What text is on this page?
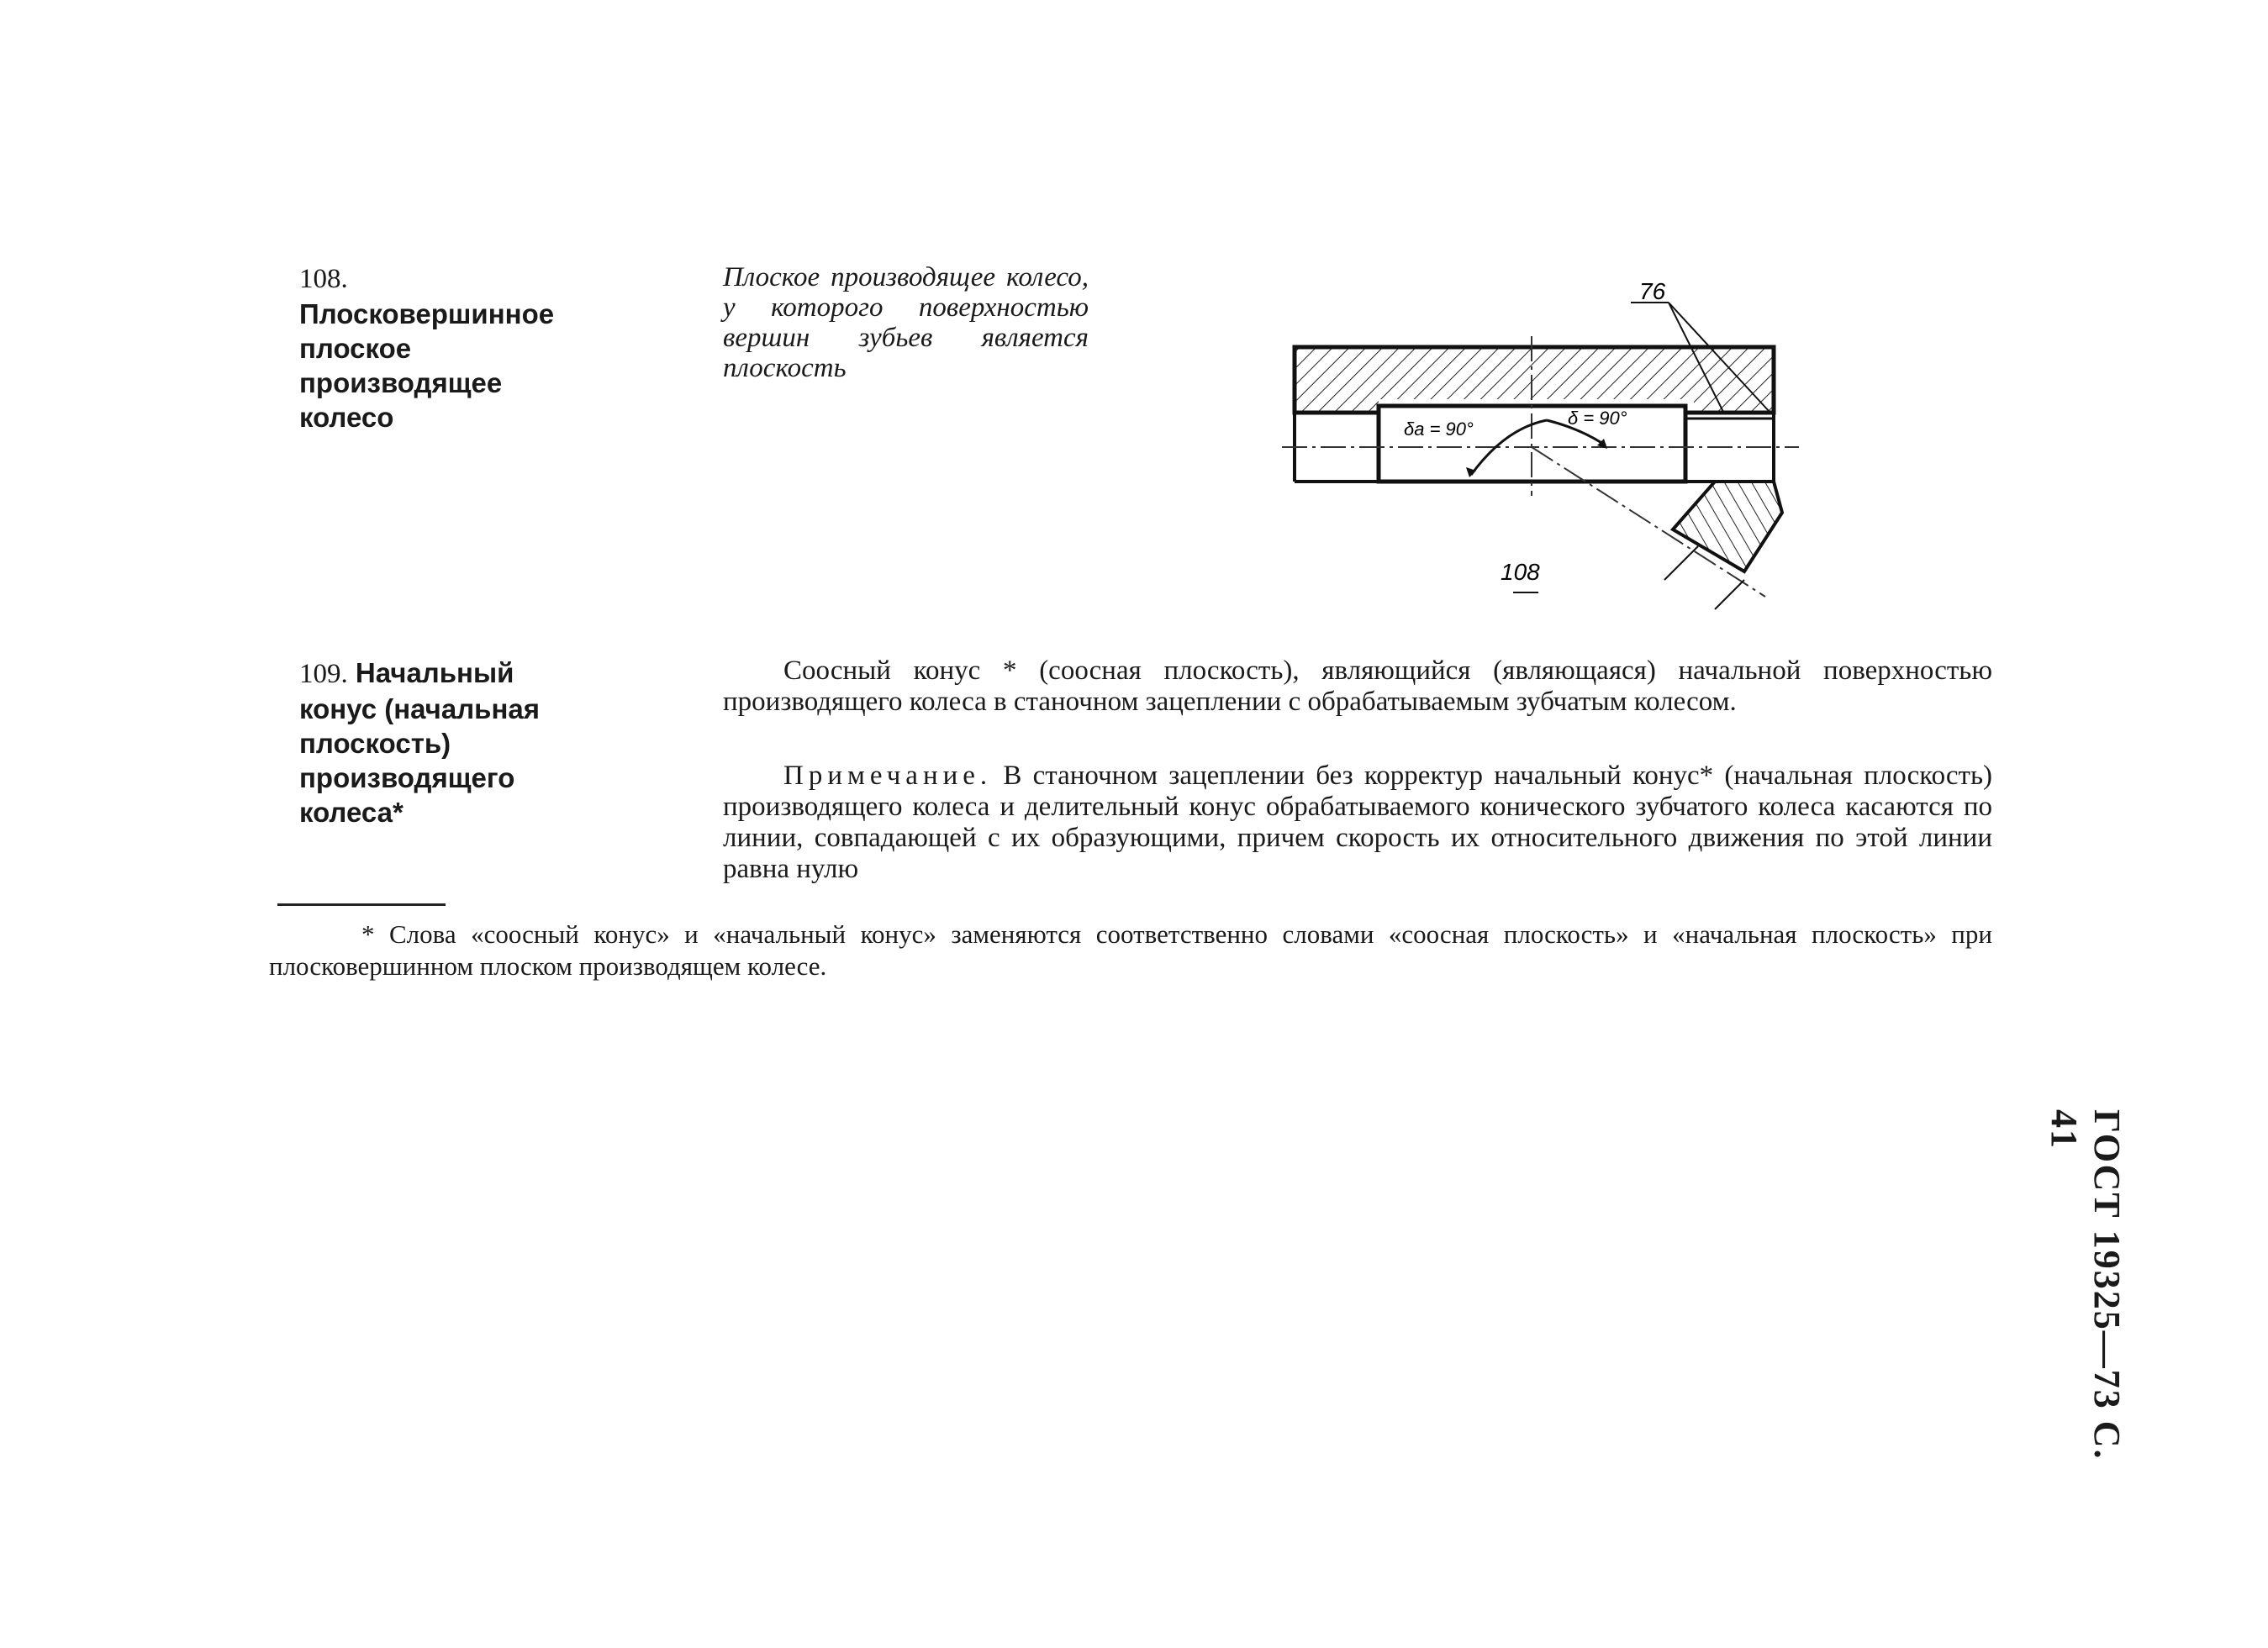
108. Плосковершинное плоское производящее колесо
Плоское производящее колесо, у которого поверхностью вершин зубьев является плоскость
δa = 90°
δ = 90°
76
108
109. Начальный конус (начальная плоскость) производящего колеса*
Соосный конус * (соосная плоскость), являющийся (являющаяся) начальной поверхностью производящего колеса в станочном зацеплении с обрабатываемым зубчатым колесом.
Примечание. В станочном зацеплении без корректур начальный конус* (начальная плоскость) производящего колеса и делительный конус обрабатываемого конического зубчатого колеса касаются по линии, совпадающей с их образующими, причем скорость их относительного движения по этой линии равна нулю
* Слова «соосный конус» и «начальный конус» заменяются соответственно словами «соосная плоскость» и «начальная плоскость» при плосковершинном плоском производящем колесе.
ГОСТ 19325—73 С. 41
